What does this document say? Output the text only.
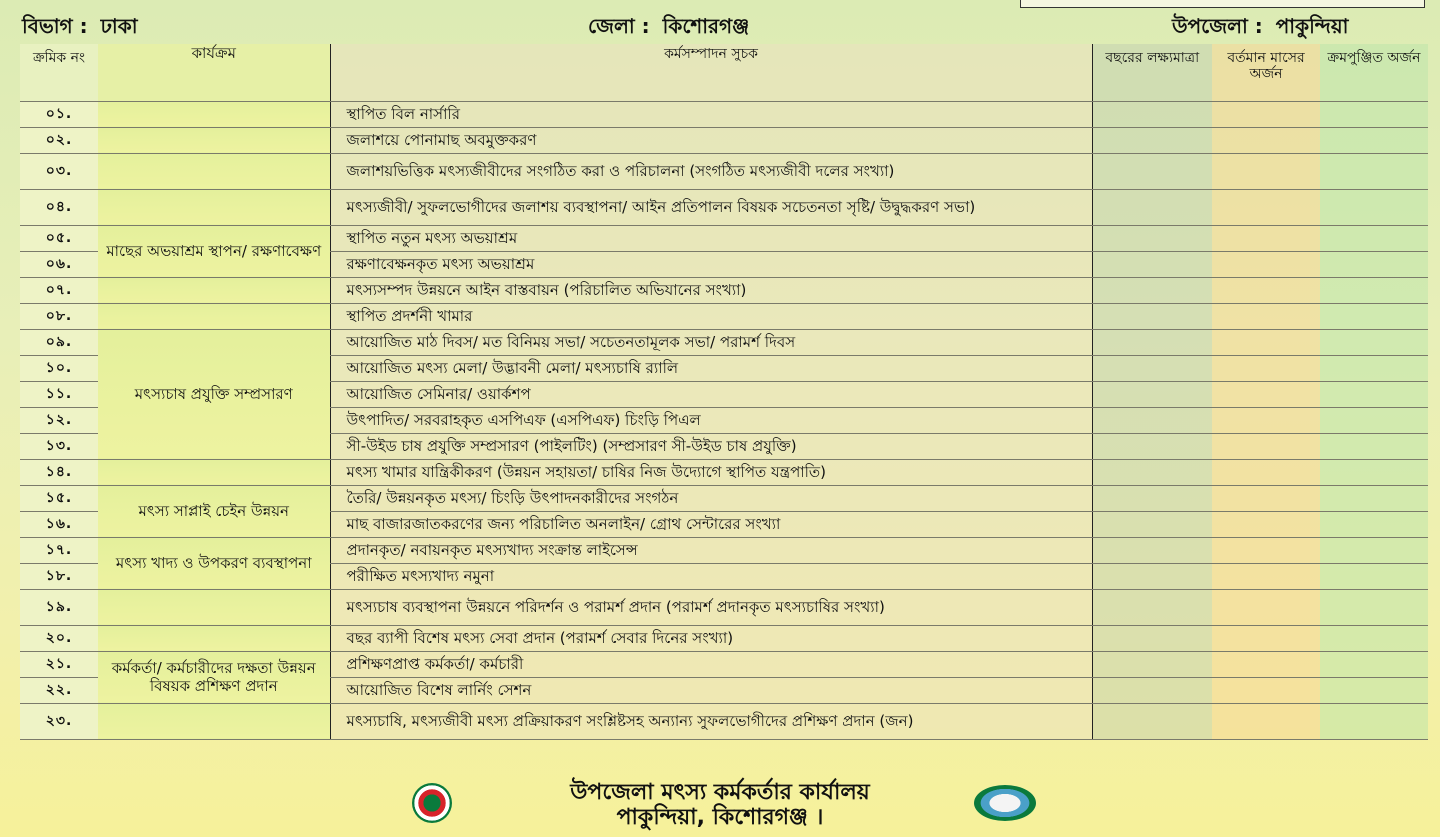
বিভাগ : ঢাকা	জেলা : কিশোরগঞ্জ	উপজেলা : পাকুন্দিয়া
ক্রমিক নং	কার্যক্রম	কর্মসম্পাদন সুচক	বছরের লক্ষ্যমাত্রা	বর্তমান মাসের অর্জন	ক্রমপুঞ্জিত অর্জন
০১.		স্থাপিত বিল নার্সারি			
০২.		জলাশয়ে পোনামাছ অবমুক্তকরণ			
০৩.		জলাশয়ভিত্তিক মৎস্যজীবীদের সংগঠিত করা ও পরিচালনা (সংগঠিত মৎস্যজীবী দলের সংখ্যা)			
০৪.		মৎস্যজীবী/ সুফলভোগীদের জলাশয় ব্যবস্থাপনা/ আইন প্রতিপালন বিষয়ক সচেতনতা সৃষ্টি/ উদ্বুদ্ধকরণ সভা)			
০৫.	মাছের অভয়াশ্রম স্থাপন/ রক্ষণাবেক্ষণ	স্থাপিত নতুন মৎস্য অভয়াশ্রম			
০৬.		রক্ষণাবেক্ষনকৃত মৎস্য অভয়াশ্রম			
০৭.		মৎস্যসম্পদ উন্নয়নে আইন বাস্তবায়ন (পরিচালিত অভিযানের সংখ্যা)			
০৮.		স্থাপিত প্রদর্শনী খামার			
০৯.	মৎস্যচাষ প্রযুক্তি সম্প্রসারণ	আয়োজিত মাঠ দিবস/ মত বিনিময় সভা/ সচেতনতামূলক সভা/ পরামর্শ দিবস			
১০.		আয়োজিত মৎস্য মেলা/ উদ্ভাবনী মেলা/ মৎস্যচাষি র‍্যালি			
১১.		আয়োজিত সেমিনার/ ওয়ার্কশপ			
১২.		উৎপাদিত/ সরবরাহকৃত এসপিএফ (এসপিএফ) চিংড়ি পিএল			
১৩.		সী-উইড চাষ প্রযুক্তি সম্প্রসারণ (পাইলটিং) (সম্প্রসারণ সী-উইড চাষ প্রযুক্তি)			
১৪.		মৎস্য খামার যান্ত্রিকীকরণ (উন্নয়ন সহায়তা/ চাষির নিজ উদ্যোগে স্থাপিত যন্ত্রপাতি)			
১৫.	মৎস্য সাপ্লাই চেইন উন্নয়ন	তৈরি/ উন্নয়নকৃত মৎস্য/ চিংড়ি উৎপাদনকারীদের সংগঠন			
১৬.		মাছ বাজারজাতকরণের জন্য পরিচালিত অনলাইন/ গ্রোথ সেন্টারের সংখ্যা			
১৭.	মৎস্য খাদ্য ও উপকরণ ব্যবস্থাপনা	প্রদানকৃত/ নবায়নকৃত মৎস্যখাদ্য সংক্রান্ত লাইসেন্স			
১৮.		পরীক্ষিত মৎস্যখাদ্য নমুনা			
১৯.		মৎস্যচাষ ব্যবস্থাপনা উন্নয়নে পরিদর্শন ও পরামর্শ প্রদান (পরামর্শ প্রদানকৃত মৎস্যচাষির সংখ্যা)			
২০.		বছর ব্যাপী বিশেষ মৎস্য সেবা প্রদান (পরামর্শ সেবার দিনের সংখ্যা)			
২১.	কর্মকর্তা/ কর্মচারীদের দক্ষতা উন্নয়ন বিষয়ক প্রশিক্ষণ প্রদান	প্রশিক্ষণপ্রাপ্ত কর্মকর্তা/ কর্মচারী			
২২.		আয়োজিত বিশেষ লার্নিং সেশন			
২৩.		মৎস্যচাষি, মৎস্যজীবী মৎস্য প্রক্রিয়াকরণ সংশ্লিষ্টসহ অন্যান্য সুফলভোগীদের প্রশিক্ষণ প্রদান (জন)			
উপজেলা মৎস্য কর্মকর্তার কার্যালয়
পাকুন্দিয়া, কিশোরগঞ্জ ।
